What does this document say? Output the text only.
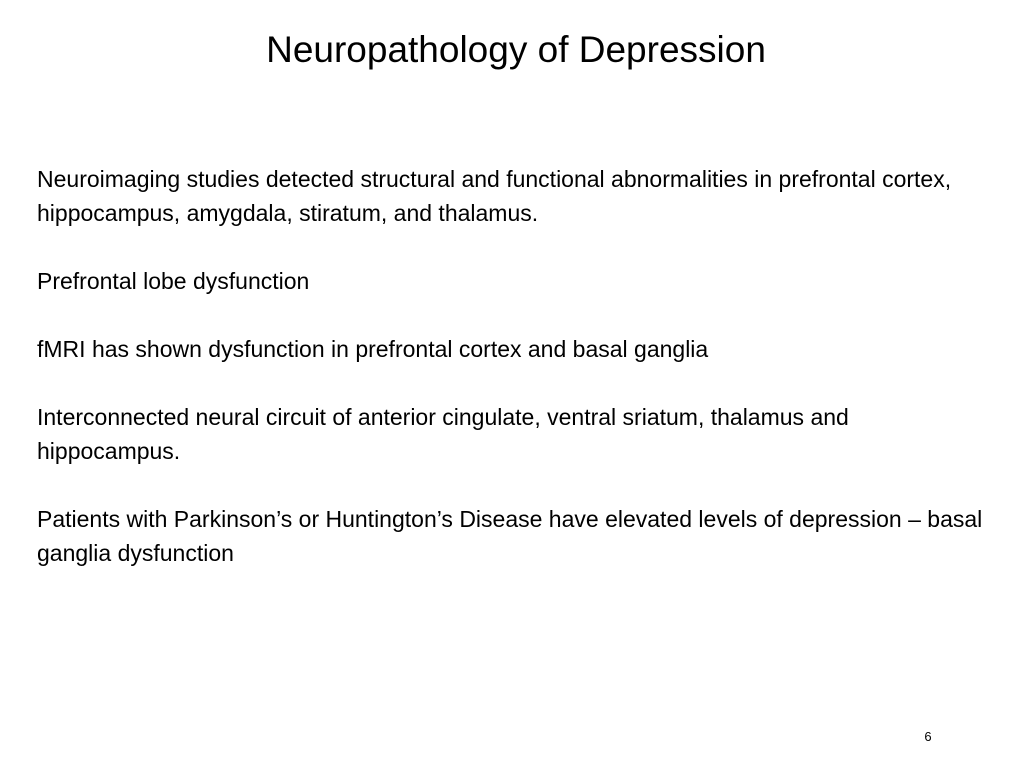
Neuropathology of Depression

Neuroimaging studies detected structural and functional abnormalities in prefrontal cortex, hippocampus, amygdala, stiratum, and thalamus.

Prefrontal lobe dysfunction

fMRI has shown dysfunction in prefrontal cortex and basal ganglia

Interconnected neural circuit of anterior cingulate, ventral sriatum, thalamus and hippocampus.

Patients with Parkinson’s or Huntington’s Disease have elevated levels of depression – basal ganglia dysfunction

6
